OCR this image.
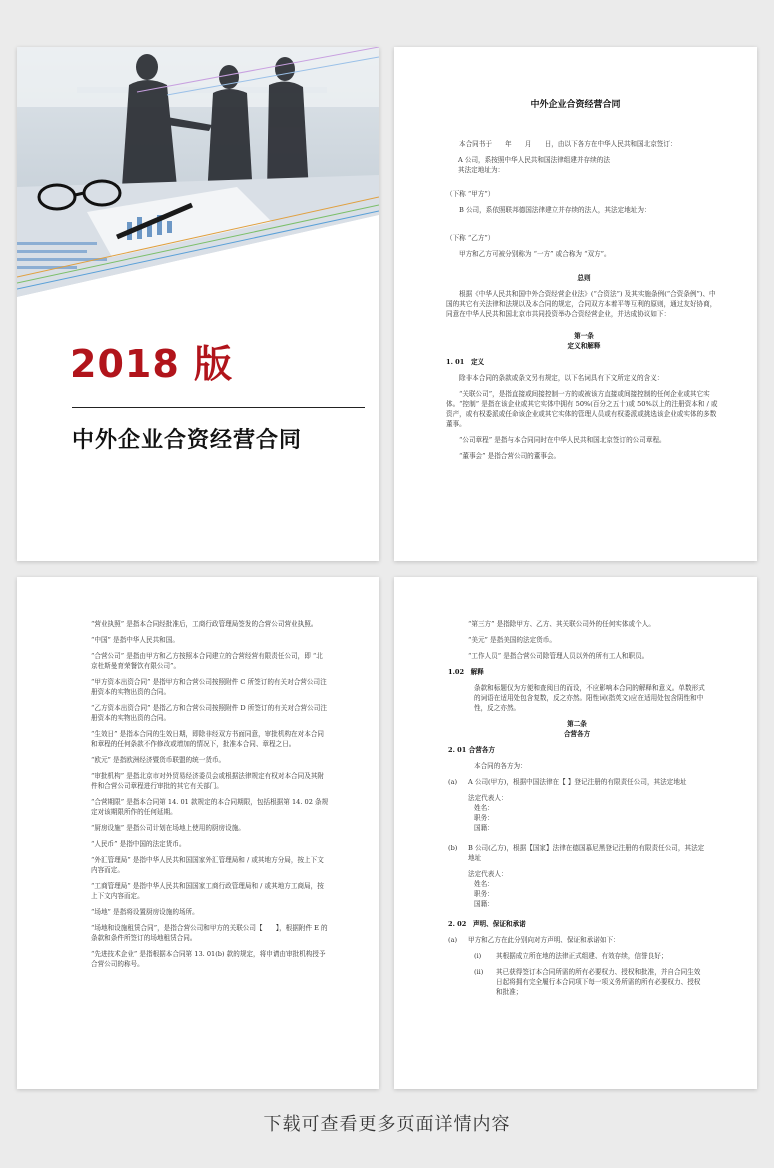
2018 版
中外企业合资经营合同
中外企业合资经营合同

本合同书于　　年　　月　　日，由以下各方在中华人民共和国北京签订：

A 公司，系按照中华人民共和国法律组建并存续的法
其法定地址为：

（下称 “甲方”）

B 公司，系依照联邦德国法律建立并存续的法人，其法定地址为：

（下称 “乙方”）

甲方和乙方可被分别称为 “一方” 或合称为 “双方”。

总则

根据《中华人民共和国中外合资经营企业法》(“合资法”) 及其实施条例(“合资条例”)、中国的其它有关法律和法规以及本合同的规定，合同双方本着平等互利的原则，通过友好协商，同意在中华人民共和国北京市共同投资举办合资经营企业，并达成协议如下：

第一条

定义和解释

1. 01　定义

除非本合同的条款或条文另有规定，以下名词具有下文所定义的含义：

“关联公司”，是指直接或间接控制一方的或被该方直接或间接控制的任何企业或其它实体。“控制” 是指在该企业或其它实体中拥有 50%(百分之五十)或 50%以上的注册资本和 / 或资产，或有权委派或任命该企业或其它实体的管理人员或有权委派或挑选该企业或实体的多数董事。

“公司章程” 是指与本合同同时在中华人民共和国北京签订的公司章程。

“董事会” 是指合营公司的董事会。

“营业执照” 是指本合同经批准后，工商行政管理局签发的合营公司营业执照。

“中国” 是指中华人民共和国。

“合营公司” 是指由甲方和乙方按照本合同建立的合营经营有限责任公司，即 “北京杜斯曼育荣餐饮有限公司”。

“甲方资本出资合同” 是指甲方和合营公司按照附件 C 所签订的有关对合营公司注册资本的实物出资的合同。

“乙方资本出资合同” 是指乙方和合营公司按照附件 D 所签订的有关对合营公司注册资本的实物出资的合同。

“生效日” 是指本合同的生效日期，即除非经双方书面同意，审批机构在对本合同和章程的任何条款不作修改或增加的情况下，批准本合同、章程之日。

“欧元” 是指欧洲经济暨货币联盟的统一货币。

“审批机构” 是指北京市对外贸易经济委员会或根据法律规定有权对本合同及其附件和合营公司章程进行审批的其它有关部门。

“合营期限” 是指本合同第 14. 01 款规定的本合同期限，包括根据第 14. 02 条规定对该期限所作的任何延期。

“厨房设施” 是指公司计划在场地上使用的厨房设施。

“人民币” 是指中国的法定货币。

“外汇管理局” 是指中华人民共和国国家外汇管理局和 / 或其地方分局，按上下文内容而定。

“工商管理局” 是指中华人民共和国国家工商行政管理局和 / 或其地方工商局，按上下文内容而定。

“场地” 是指将设置厨房设施的场所。

“场地和设施租赁合同”，是指合营公司和甲方的关联公司【　　】，根据附件 E 的条款和条件所签订的场地租赁合同。

“先进技术企业” 是指根据本合同第 13. 01(b) 款的规定，将申请由审批机构授予合营公司的称号。

“第三方” 是指除甲方、乙方、其关联公司外的任何实体或个人。

“美元” 是指美国的法定货币。

“工作人员” 是指合营公司除管理人员以外的所有工人和职员。

1.02　解释

条款和标题仅为方便和查阅目的而设，不应影响本合同的解释和意义。单数形式的词语在适用处包含复数，反之亦然。阳性词(指英文)应在适用处包含阴性和中性，反之亦然。

第二条

合营各方

2. 01 合营各方

本合同的各方为：

(a)	A 公司(甲方)，根据中国法律在【 】登记注册的有限责任公司，其法定地址
法定代表人：
姓名：
职务：
国籍：
(b)	B 公司(乙方)，根据【国家】法律在德国慕尼黑登记注册的有限责任公司，其法定地址
法定代表人：
姓名：
职务：
国籍：

2. 02　声明、保证和承诺

(a)	甲方和乙方在此分别向对方声明、保证和承诺如下：
(i)	其根据成立所在地的法律正式组建、有效存续，信誉良好；
(ii)	其已获得签订本合同所需的所有必要权力、授权和批准，并自合同生效日起将拥有完全履行本合同项下每一项义务所需的所有必要权力、授权和批准；
下载可查看更多页面详情内容
